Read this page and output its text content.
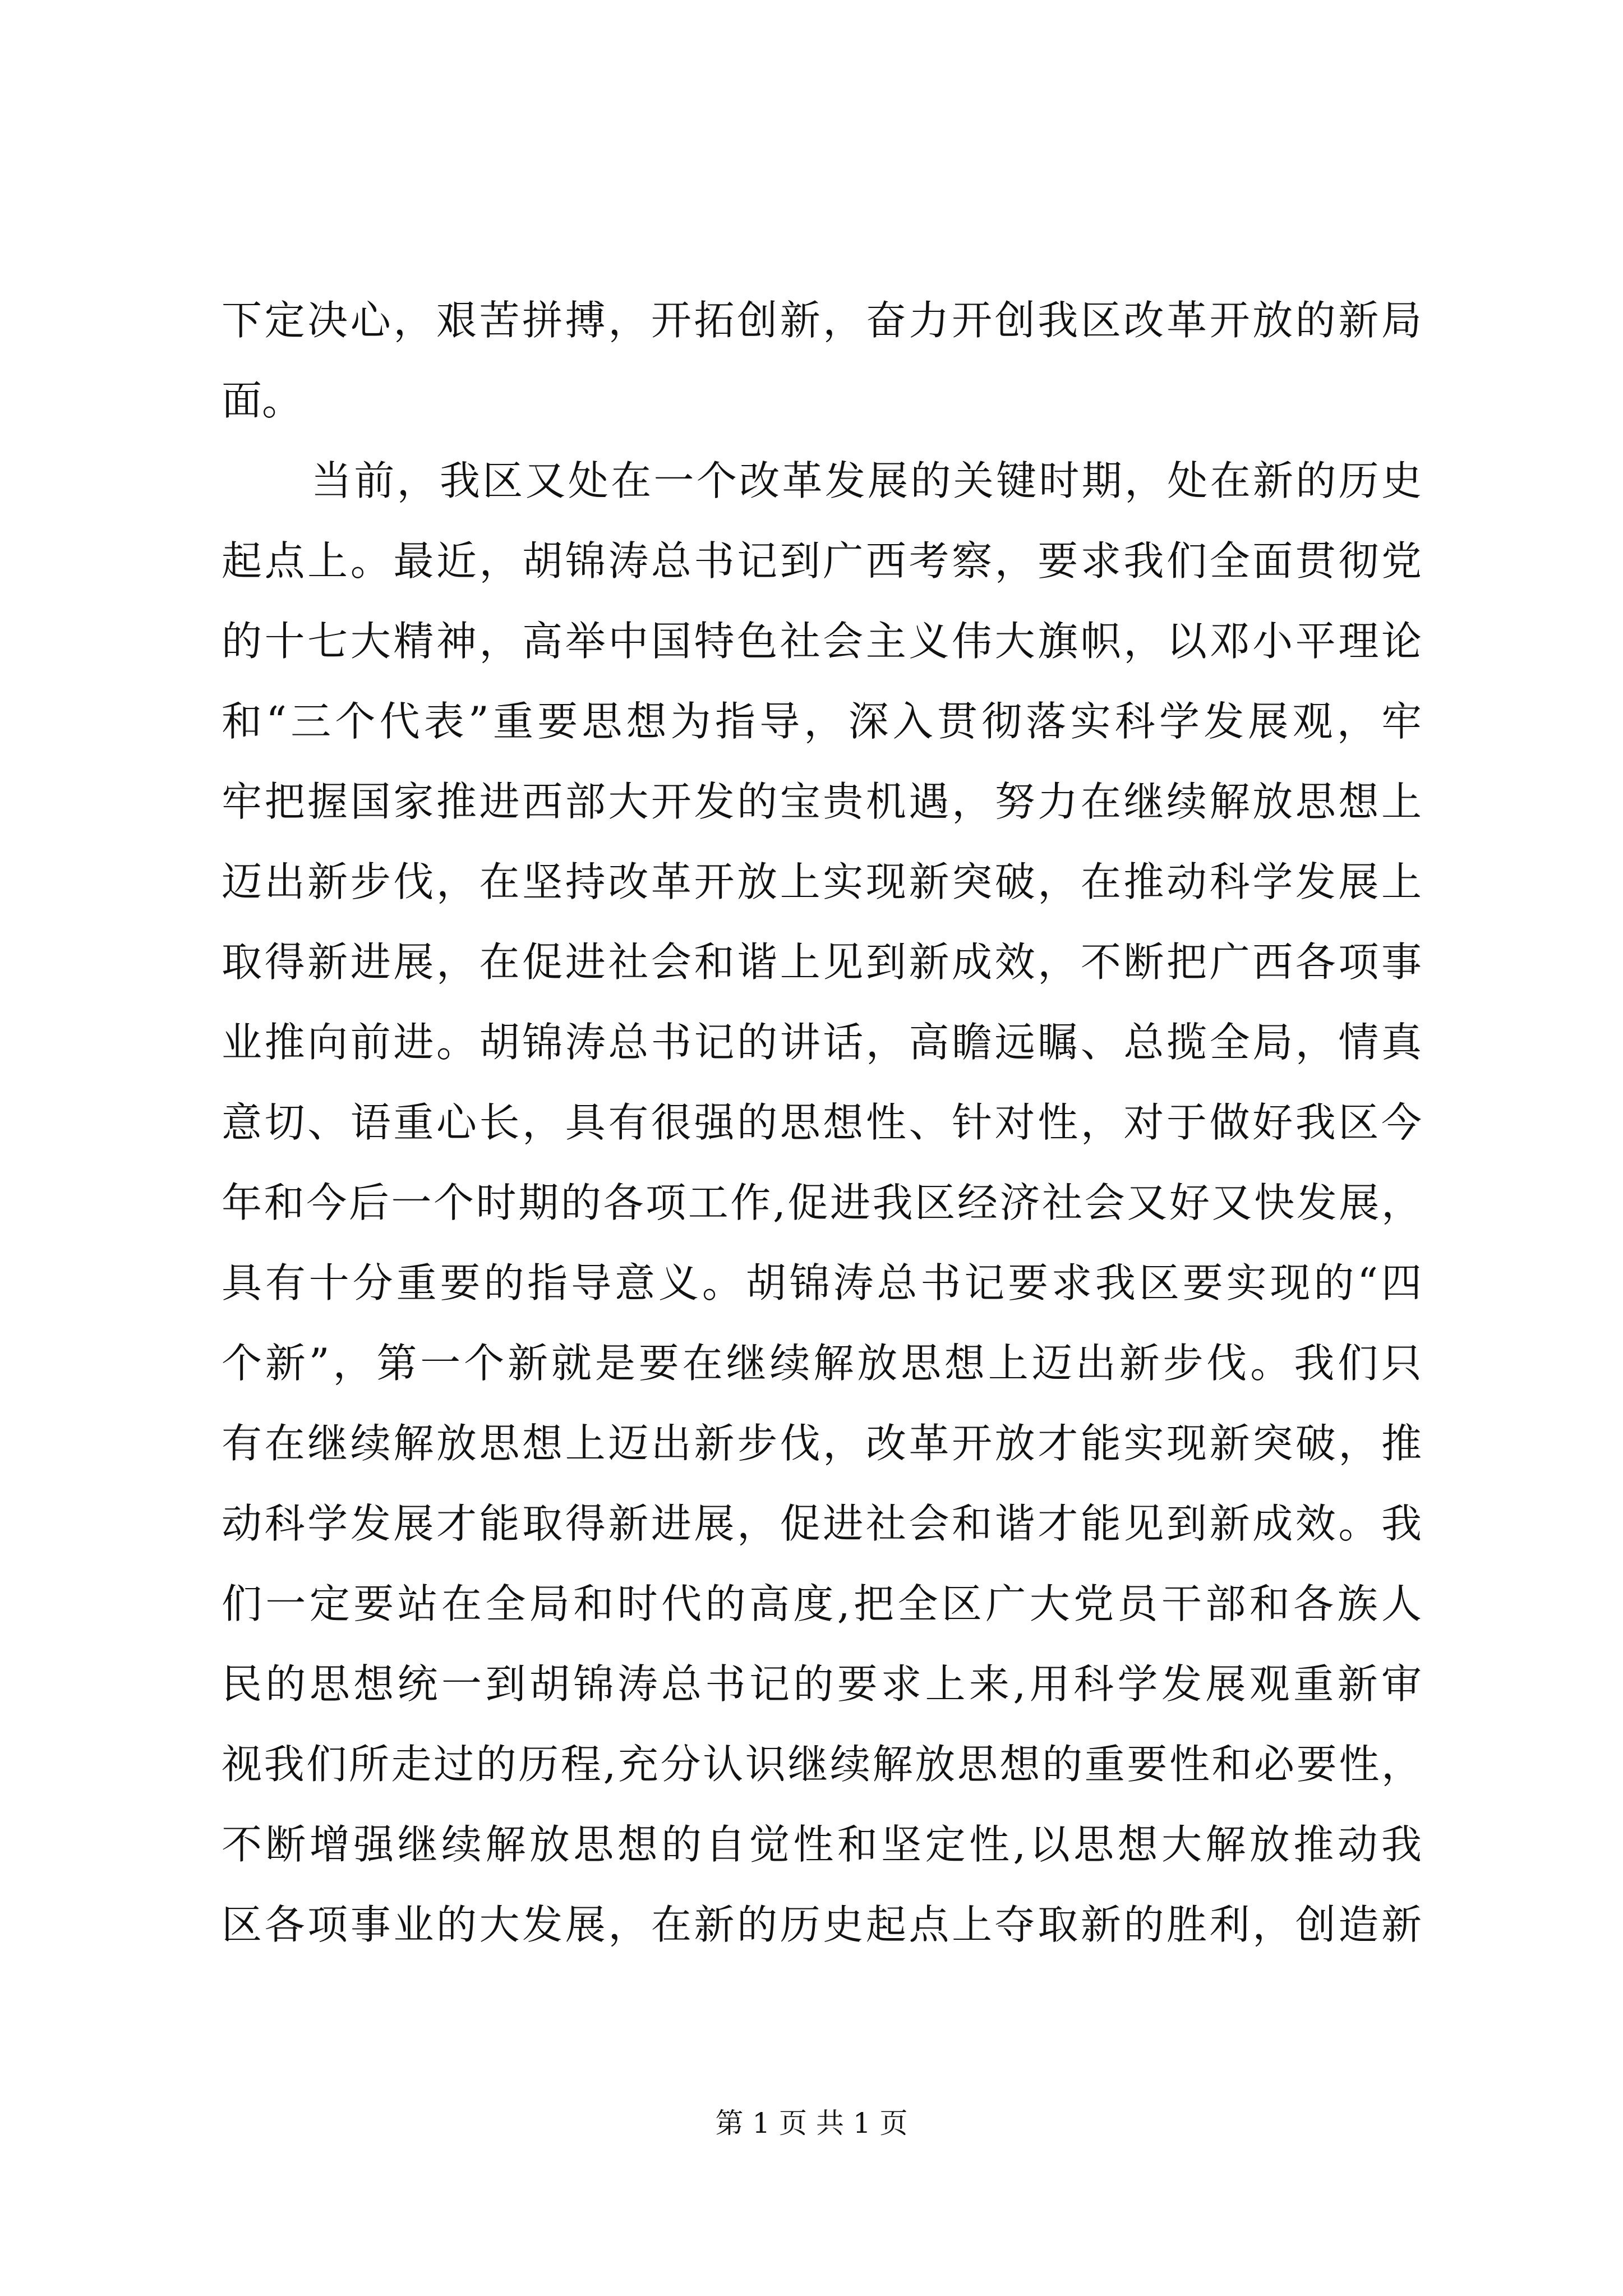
下定决心，艰苦拼搏，开拓创新，奋力开创我区改革开放的新局
面。
当前，我区又处在一个改革发展的关键时期，处在新的历史
起点上。最近，胡锦涛总书记到广西考察，要求我们全面贯彻党
的十七大精神，高举中国特色社会主义伟大旗帜，以邓小平理论
和“三个代表”重要思想为指导，深入贯彻落实科学发展观，牢
牢把握国家推进西部大开发的宝贵机遇，努力在继续解放思想上
迈出新步伐，在坚持改革开放上实现新突破，在推动科学发展上
取得新进展，在促进社会和谐上见到新成效，不断把广西各项事
业推向前进。胡锦涛总书记的讲话，高瞻远瞩、总揽全局，情真
意切、语重心长，具有很强的思想性、针对性，对于做好我区今
年和今后一个时期的各项工作,促进我区经济社会又好又快发展，
具有十分重要的指导意义。胡锦涛总书记要求我区要实现的“四
个新”，第一个新就是要在继续解放思想上迈出新步伐。我们只
有在继续解放思想上迈出新步伐，改革开放才能实现新突破，推
动科学发展才能取得新进展，促进社会和谐才能见到新成效。我
们一定要站在全局和时代的高度,把全区广大党员干部和各族人
民的思想统一到胡锦涛总书记的要求上来,用科学发展观重新审
视我们所走过的历程,充分认识继续解放思想的重要性和必要性，
不断增强继续解放思想的自觉性和坚定性,以思想大解放推动我
区各项事业的大发展，在新的历史起点上夺取新的胜利，创造新
第 1 页 共 1 页
